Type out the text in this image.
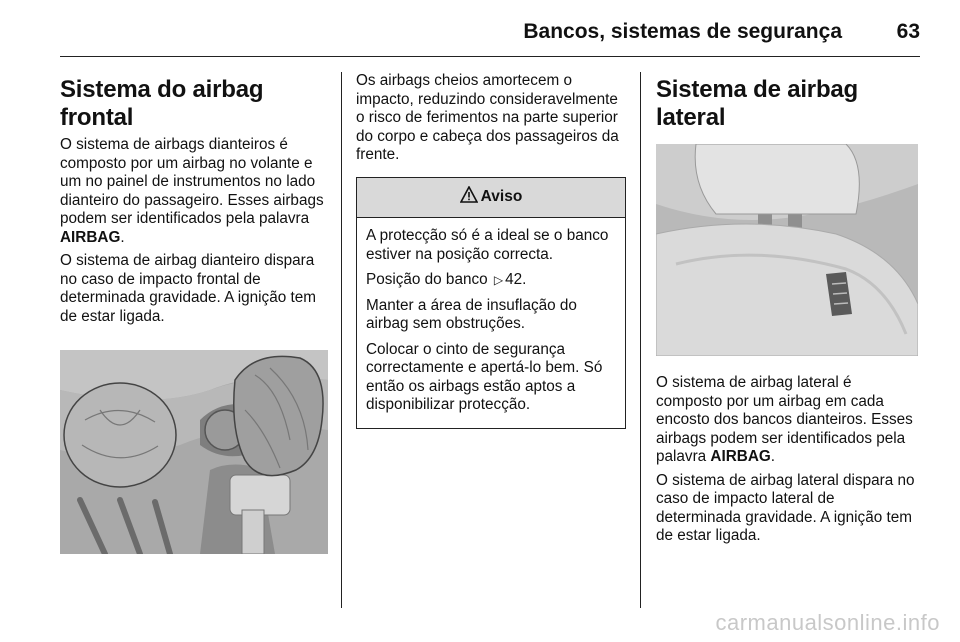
Bancos, sistemas de segurança	63
Sistema do airbag frontal

O sistema de airbags dianteiros é composto por um airbag no volante e um no painel de instrumentos no lado dianteiro do passageiro. Esses airbags podem ser identificados pela palavra AIRBAG.

O sistema de airbag dianteiro dispara no caso de impacto frontal de determinada gravidade. A ignição tem de estar ligada.

Os airbags cheios amortecem o impacto, reduzindo consideravelmente o risco de ferimentos na parte superior do corpo e cabeça dos passageiros da frente.

Aviso

A protecção só é a ideal se o banco estiver na posição correcta.

Posição do banco ▷ 42.

Manter a área de insuflação do airbag sem obstruções.

Colocar o cinto de segurança correctamente e apertá-lo bem. Só então os airbags estão aptos a disponibilizar protecção.

Sistema de airbag lateral

O sistema de airbag lateral é composto por um airbag em cada encosto dos bancos dianteiros. Esses airbags podem ser identificados pela palavra AIRBAG.

O sistema de airbag lateral dispara no caso de impacto lateral de determinada gravidade. A ignição tem de estar ligada.

carmanualsonline.info
